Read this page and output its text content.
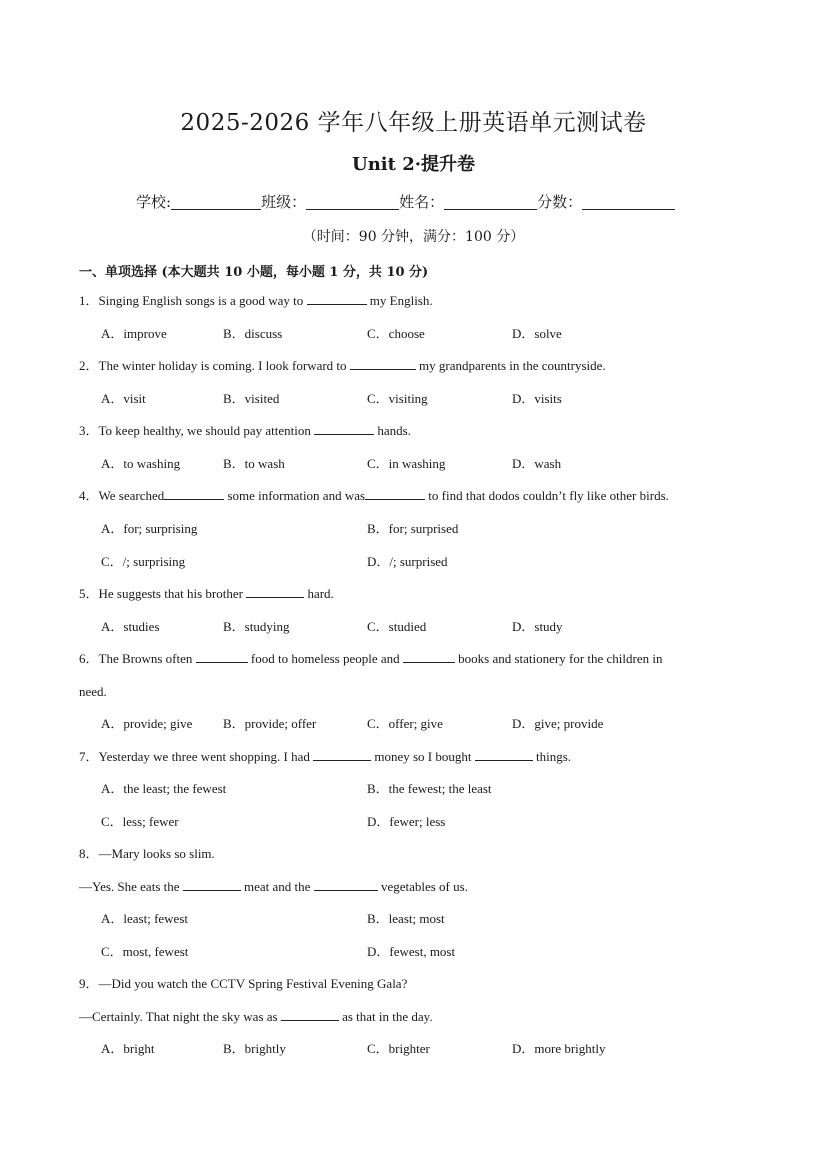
2025-2026 学年八年级上册英语单元测试卷
Unit 2·提升卷
学校:	班级：	姓名：	分数：
（时间：90 分钟，满分：100 分）
一、单项选择 (本大题共 10 小题，每小题 1 分，共 10 分)
1．Singing English songs is a good way to	my English.
A．improve	B．discuss	C．choose	D．solve
2．The winter holiday is coming. I look forward to	my grandparents in the countryside.
A．visit	B．visited	C．visiting	D．visits
3．To keep healthy, we should pay attention	hands.
A．to washing	B．to wash	C．in washing	D．wash
4．We searched	some information and was	to find that dodos couldn’t fly like other birds.
A．for; surprising	B．for; surprised
C．/; surprising	D．/; surprised
5．He suggests that his brother	hard.
A．studies	B．studying	C．studied	D．study
6．The Browns often	food to homeless people and	books and stationery for the children in
need.
A．provide; give B．provide; offer	C．offer; give	D．give; provide
7．Yesterday we three went shopping. I had	money so I bought	things.
A．the least; the fewest	B．the fewest; the least
C．less; fewer	D．fewer; less
8．—Mary looks so slim.
—Yes. She eats the	meat and the	vegetables of us.
A．least; fewest	B．least; most
C．most, fewest	D．fewest, most
9．—Did you watch the CCTV Spring Festival Evening Gala?
—Certainly. That night the sky was as	as that in the day.
A．bright	B．brightly	C．brighter	D．more brightly
